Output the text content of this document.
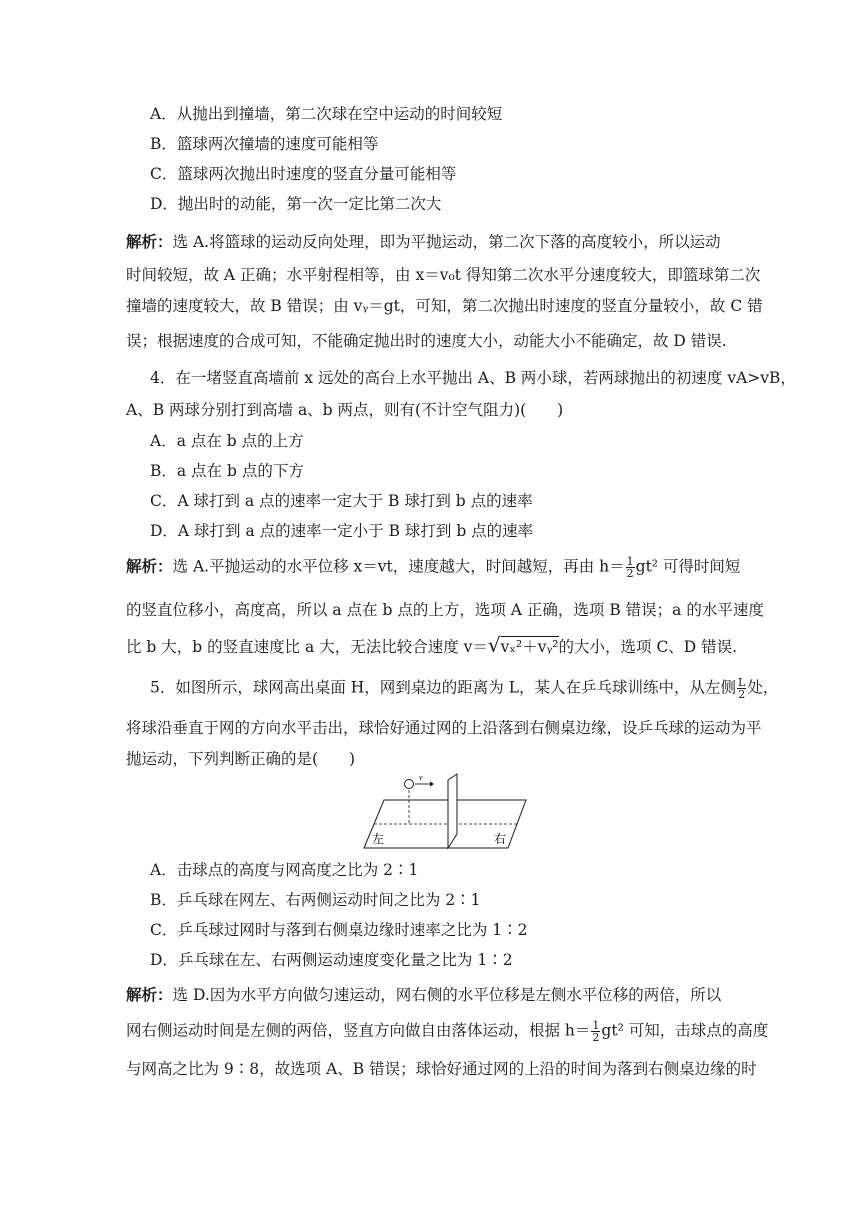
A．从抛出到撞墙，第二次球在空中运动的时间较短
B．篮球两次撞墙的速度可能相等
C．篮球两次抛出时速度的竖直分量可能相等
D．抛出时的动能，第一次一定比第二次大
解析：选 A.将篮球的运动反向处理，即为平抛运动，第二次下落的高度较小，所以运动
时间较短，故 A 正确；水平射程相等，由 x＝v₀t 得知第二次水平分速度较大，即篮球第二次
撞墙的速度较大，故 B 错误；由 vᵧ＝gt，可知，第二次抛出时速度的竖直分量较小，故 C 错
误；根据速度的合成可知，不能确定抛出时的速度大小，动能大小不能确定，故 D 错误.
4．在一堵竖直高墙前 x 远处的高台上水平抛出 A、B 两小球，若两球抛出的初速度 vA>vB，
A、B 两球分别打到高墙 a、b 两点，则有(不计空气阻力)(　　)
A．a 点在 b 点的上方
B．a 点在 b 点的下方
C．A 球打到 a 点的速率一定大于 B 球打到 b 点的速率
D．A 球打到 a 点的速率一定小于 B 球打到 b 点的速率
解析：选 A.平抛运动的水平位移 x＝vt，速度越大，时间越短，再由 $h= \frac{1}{2} gt^2$ 可得时间短
的竖直位移小，高度高，所以 a 点在 b 点的上方，选项 A 正确，选项 B 错误；a 的水平速度
比 b 大，b 的竖直速度比 a 大，无法比较合速度 v＝√vₓ²＋vᵧ²的大小，选项 C、D 错误.
5．如图所示，球网高出桌面 H，网到桌边的距离为 L，某人在乒乓球训练中，从左侧 $\frac{L}{2}$ 处，
将球沿垂直于网的方向水平击出，球恰好通过网的上沿落到右侧桌边缘，设乒乓球的运动为平
抛运动，下列判断正确的是(　　)
v
左	右
A．击球点的高度与网高度之比为 2∶1
B．乒乓球在网左、右两侧运动时间之比为 2∶1
C．乒乓球过网时与落到右侧桌边缘时速率之比为 1∶2
D．乒乓球在左、右两侧运动速度变化量之比为 1∶2
解析：选 D.因为水平方向做匀速运动，网右侧的水平位移是左侧水平位移的两倍，所以
网右侧运动时间是左侧的两倍，竖直方向做自由落体运动，根据 $h= \frac{1}{2} gt^2$ 可知，击球点的高度
与网高之比为 9∶8，故选项 A、B 错误；球恰好通过网的上沿的时间为落到右侧桌边缘的时
